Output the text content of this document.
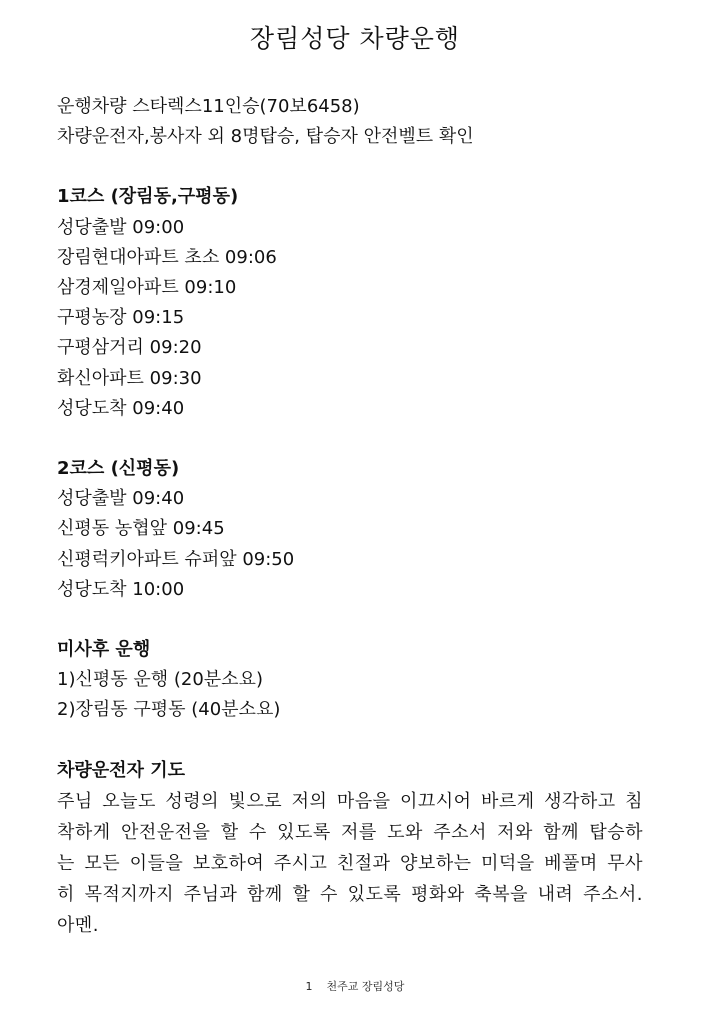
장림성당 차량운행
운행차량 스타렉스11인승(70보6458)
차량운전자,봉사자 외 8명탑승, 탑승자 안전벨트 확인
1코스 (장림동,구평동)
성당출발 09:00
장림현대아파트 초소 09:06
삼경제일아파트 09:10
구평농장 09:15
구평삼거리 09:20
화신아파트 09:30
성당도착 09:40
2코스 (신평동)
성당출발 09:40
신평동 농협앞 09:45
신평럭키아파트 슈퍼앞 09:50
성당도착 10:00
미사후 운행
1)신평동 운행 (20분소요)
2)장림동 구평동 (40분소요)
차량운전자 기도
주님 오늘도 성령의 빛으로 저의 마음을 이끄시어 바르게 생각하고 침착하게 안전운전을 할 수 있도록 저를 도와 주소서 저와 함께 탑승하는 모든 이들을 보호하여 주시고 친절과 양보하는 미덕을 베풀며 무사히 목적지까지 주님과 함께 할 수 있도록 평화와 축복을 내려 주소서. 아멘.
1 천주교 장림성당
